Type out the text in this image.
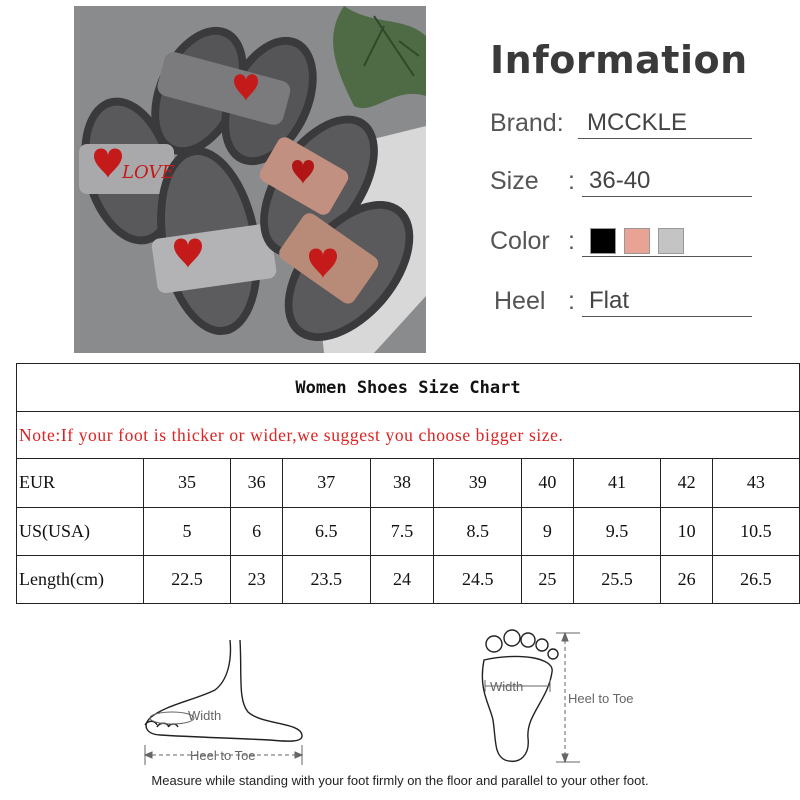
LOVE
Information
Brand: MCCKLE
Size : 36-40
Color :
Heel : Flat
Women Shoes Size Chart
Note:If your foot is thicker or wider,we suggest you choose bigger size.
EUR	35	36	37	38	39	40	41	42	43
US(USA)	5	6	6.5	7.5	8.5	9	9.5	10	10.5
Length(cm)	22.5	23	23.5	24	24.5	25	25.5	26	26.5
Width
Heel to Toe
Width
Heel to Toe
Measure while standing with your foot firmly on the floor and parallel to your other foot.
